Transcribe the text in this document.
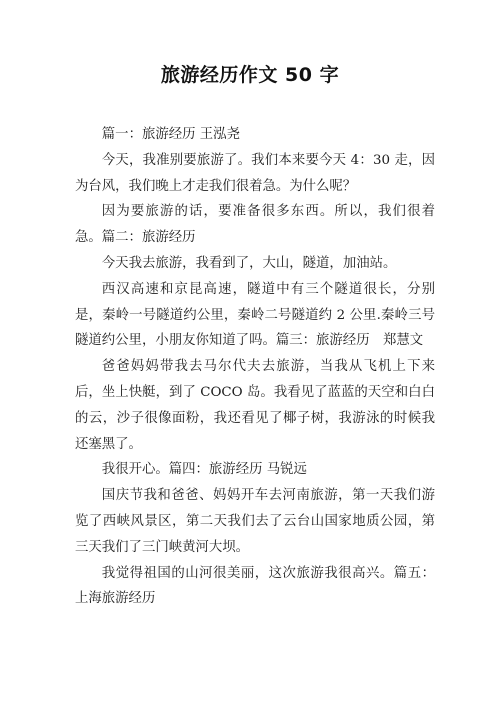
旅游经历作文 50 字

篇一：旅游经历 王泓尧

今天，我准别要旅游了。我们本来要今天 4：30 走，因为台风，我们晚上才走我们很着急。为什么呢？

因为要旅游的话，要准备很多东西。所以，我们很着急。篇二：旅游经历

今天我去旅游，我看到了，大山，隧道，加油站。

西汉高速和京昆高速，隧道中有三个隧道很长，分别是，秦岭一号隧道约公里，秦岭二号隧道约 2 公里.秦岭三号隧道约公里，小朋友你知道了吗。篇三：旅游经历　郑慧文

爸爸妈妈带我去马尔代夫去旅游，当我从飞机上下来后，坐上快艇，到了 COCO 岛。我看见了蓝蓝的天空和白白的云，沙子很像面粉，我还看见了椰子树，我游泳的时候我还塞黑了。

我很开心。篇四：旅游经历 马锐远

国庆节我和爸爸、妈妈开车去河南旅游，第一天我们游览了西峡风景区，第二天我们去了云台山国家地质公园，第三天我们了三门峡黄河大坝。

我觉得祖国的山河很美丽，这次旅游我很高兴。篇五：上海旅游经历
